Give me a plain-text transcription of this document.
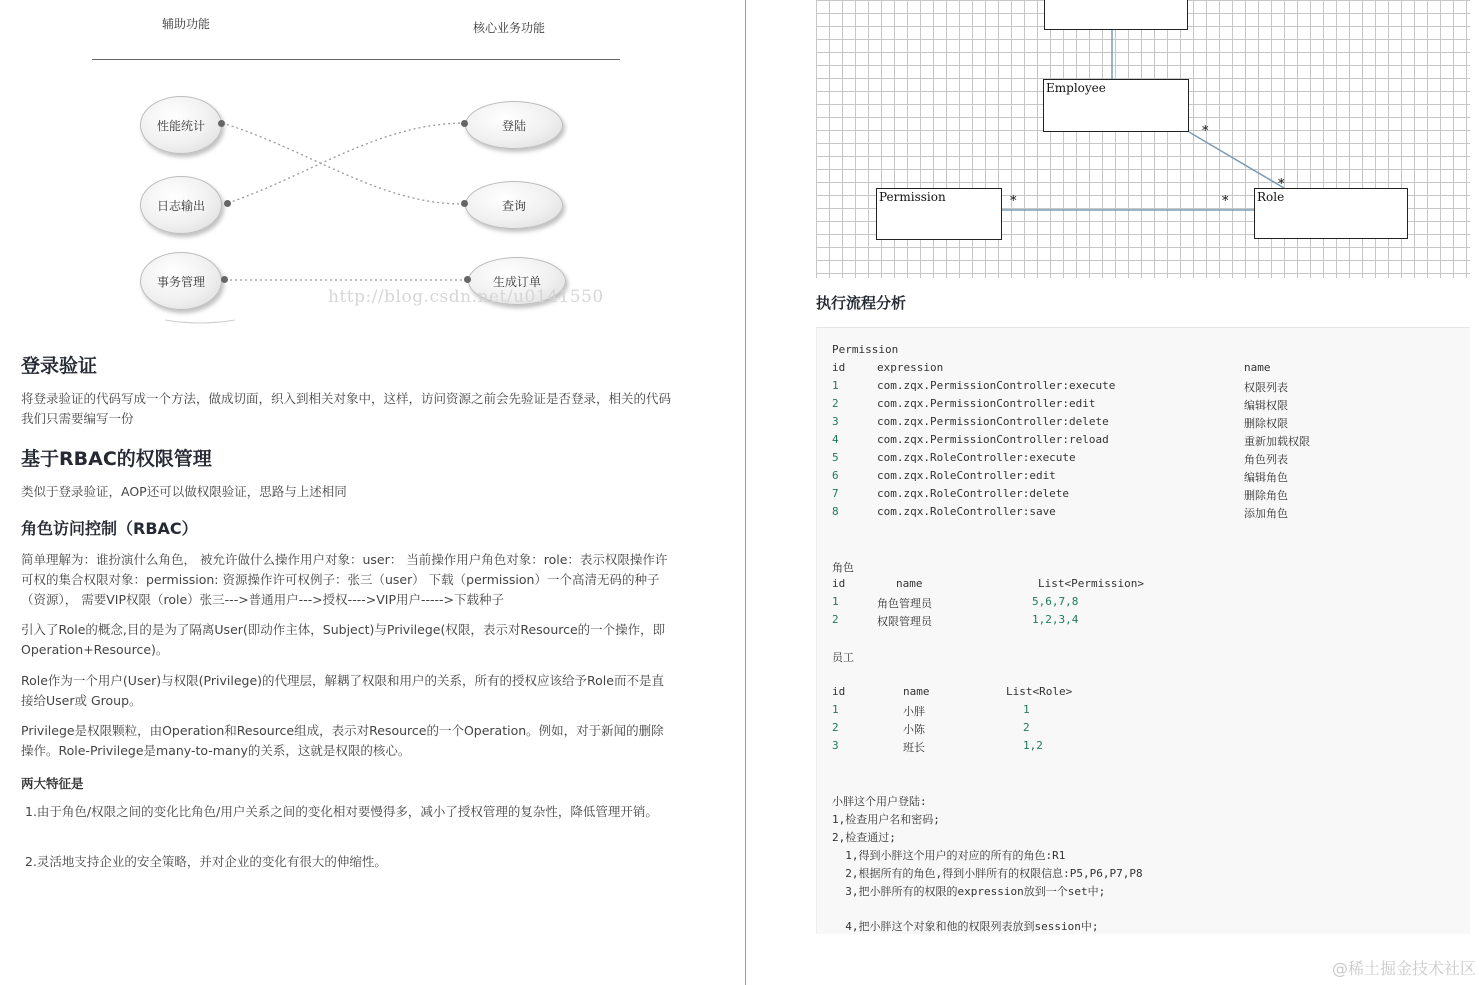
辅助功能	核心业务功能
性能统计
日志输出
事务管理
登陆
查询
生成订单
http://blog.csdn.net/u0141550
登录验证

将登录验证的代码写成一个方法，做成切面，织入到相关对象中，这样，访问资源之前会先验证是否登录，相关的代码我们只需要编写一份

基于RBAC的权限管理

类似于登录验证，AOP还可以做权限验证，思路与上述相同

角色访问控制（RBAC）

简单理解为：谁扮演什么角色， 被允许做什么操作用户对象：user： 当前操作用户角色对象：role：表示权限操作许可权的集合权限对象：permission: 资源操作许可权例子：张三（user） 下载（permission）一个高清无码的种子（资源）， 需要VIP权限（role）张三--->普通用户--->授权---->VIP用户----->下载种子

引入了Role的概念,目的是为了隔离User(即动作主体，Subject)与Privilege(权限，表示对Resource的一个操作，即Operation+Resource)。

Role作为一个用户(User)与权限(Privilege)的代理层，解耦了权限和用户的关系，所有的授权应该给予Role而不是直接给User或 Group。

Privilege是权限颗粒，由Operation和Resource组成，表示对Resource的一个Operation。例如，对于新闻的删除操作。Role-Privilege是many-to-many的关系，这就是权限的核心。

两大特征是

1.由于角色/权限之间的变化比角色/用户关系之间的变化相对要慢得多，减小了授权管理的复杂性，降低管理开销。

2.灵活地支持企业的安全策略，并对企业的变化有很大的伸缩性。

Employee
Permission	Role
*
*
*	*
执行流程分析
Permission
id	expression	name
1	com.zqx.PermissionController:execute	权限列表
2	com.zqx.PermissionController:edit	编辑权限
3	com.zqx.PermissionController:delete	删除权限
4	com.zqx.PermissionController:reload	重新加载权限
5	com.zqx.RoleController:execute	角色列表
6	com.zqx.RoleController:edit	编辑角色
7	com.zqx.RoleController:delete	删除角色
8	com.zqx.RoleController:save	添加角色
角色
id	name	List<Permission>
1	角色管理员	5,6,7,8
2	权限管理员	1,2,3,4
员工
id	name	List<Role>
1	小胖	1
2	小陈	2
3	班长	1,2
小胖这个用户登陆:
1,检查用户名和密码;
2,检查通过;
1,得到小胖这个用户的对应的所有的角色:R1
2,根据所有的角色,得到小胖所有的权限信息:P5,P6,P7,P8
3,把小胖所有的权限的expression放到一个set中;
4,把小胖这个对象和他的权限列表放到session中;
@稀土掘金技术社区
